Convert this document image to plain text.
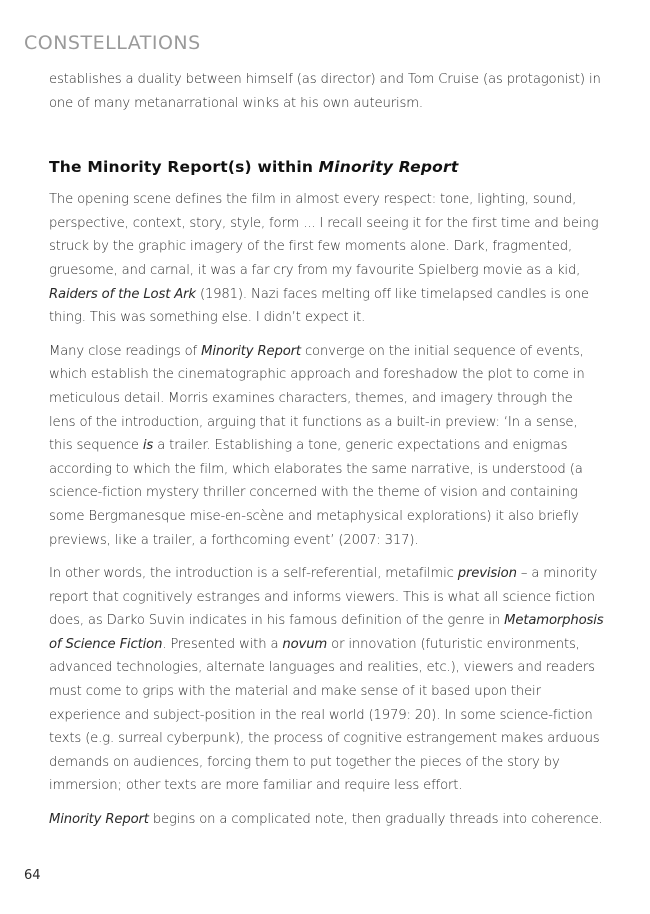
CONSTELLATIONS

establishes a duality between himself (as director) and Tom Cruise (as protagonist) in
one of many metanarrational winks at his own auteurism.

The Minority Report(s) within Minority Report

The opening scene defines the film in almost every respect: tone, lighting, sound,
perspective, context, story, style, form ... I recall seeing it for the first time and being
struck by the graphic imagery of the first few moments alone. Dark, fragmented,
gruesome, and carnal, it was a far cry from my favourite Spielberg movie as a kid,
Raiders of the Lost Ark (1981). Nazi faces melting off like timelapsed candles is one
thing. This was something else. I didn’t expect it.

Many close readings of Minority Report converge on the initial sequence of events,
which establish the cinematographic approach and foreshadow the plot to come in
meticulous detail. Morris examines characters, themes, and imagery through the
lens of the introduction, arguing that it functions as a built-in preview: ‘In a sense,
this sequence is a trailer. Establishing a tone, generic expectations and enigmas
according to which the film, which elaborates the same narrative, is understood (a
science-fiction mystery thriller concerned with the theme of vision and containing
some Bergmanesque mise-en-scène and metaphysical explorations) it also briefly
previews, like a trailer, a forthcoming event’ (2007: 317).

In other words, the introduction is a self-referential, metafilmic prevision – a minority
report that cognitively estranges and informs viewers. This is what all science fiction
does, as Darko Suvin indicates in his famous definition of the genre in Metamorphosis
of Science Fiction. Presented with a novum or innovation (futuristic environments,
advanced technologies, alternate languages and realities, etc.), viewers and readers
must come to grips with the material and make sense of it based upon their
experience and subject-position in the real world (1979: 20). In some science-fiction
texts (e.g. surreal cyberpunk), the process of cognitive estrangement makes arduous
demands on audiences, forcing them to put together the pieces of the story by
immersion; other texts are more familiar and require less effort.

Minority Report begins on a complicated note, then gradually threads into coherence.

64
